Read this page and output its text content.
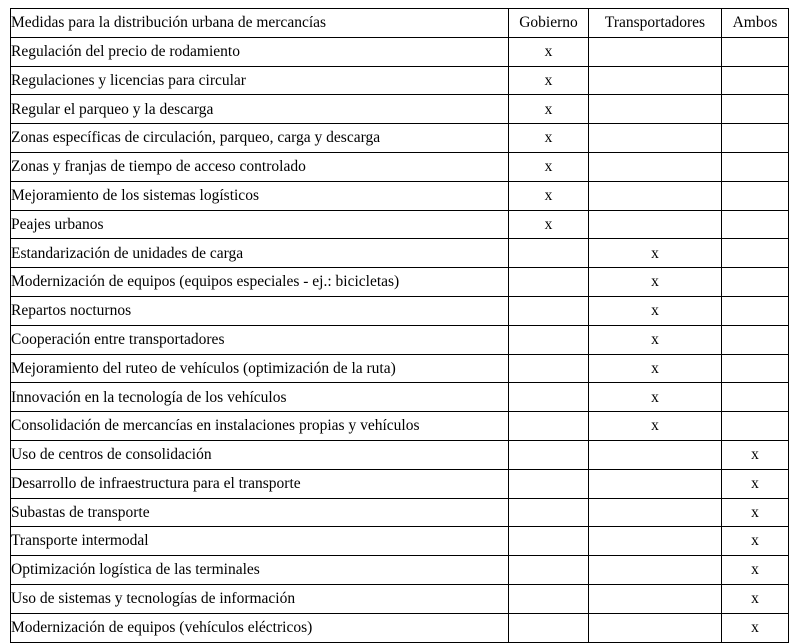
Medidas para la distribución urbana de mercancías	Gobierno	Transportadores	Ambos
Regulación del precio de rodamiento	x		
Regulaciones y licencias para circular	x		
Regular el parqueo y la descarga	x		
Zonas específicas de circulación, parqueo, carga y descarga	x		
Zonas y franjas de tiempo de acceso controlado	x		
Mejoramiento de los sistemas logísticos	x		
Peajes urbanos	x		
Estandarización de unidades de carga		x	
Modernización de equipos (equipos especiales - ej.: bicicletas)		x	
Repartos nocturnos		x	
Cooperación entre transportadores		x	
Mejoramiento del ruteo de vehículos (optimización de la ruta)		x	
Innovación en la tecnología de los vehículos		x	
Consolidación de mercancías en instalaciones propias y vehículos		x	
Uso de centros de consolidación			x
Desarrollo de infraestructura para el transporte			x
Subastas de transporte			x
Transporte intermodal			x
Optimización logística de las terminales			x
Uso de sistemas y tecnologías de información			x
Modernización de equipos (vehículos eléctricos)			x
